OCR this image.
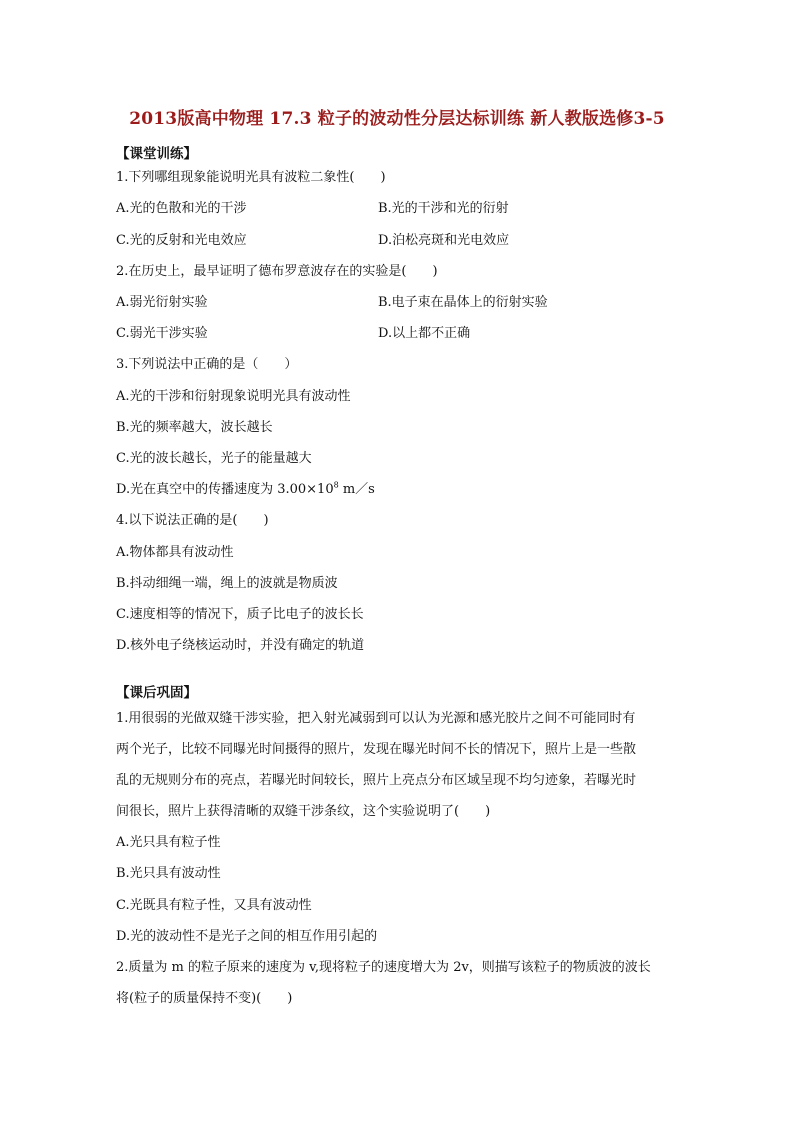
2013版高中物理 17.3 粒子的波动性分层达标训练 新人教版选修3-5
【课堂训练】
1.下列哪组现象能说明光具有波粒二象性(　　)
A.光的色散和光的干涉	B.光的干涉和光的衍射
C.光的反射和光电效应	D.泊松亮斑和光电效应
2.在历史上，最早证明了德布罗意波存在的实验是(　　)
A.弱光衍射实验	B.电子束在晶体上的衍射实验
C.弱光干涉实验	D.以上都不正确
3.下列说法中正确的是（　　）
A.光的干涉和衍射现象说明光具有波动性
B.光的频率越大，波长越长
C.光的波长越长，光子的能量越大
D.光在真空中的传播速度为 $3.00\times 10^8$ m／s
4.以下说法正确的是(　　)
A.物体都具有波动性
B.抖动细绳一端，绳上的波就是物质波
C.速度相等的情况下，质子比电子的波长长
D.核外电子绕核运动时，并没有确定的轨道
【课后巩固】
1.用很弱的光做双缝干涉实验，把入射光减弱到可以认为光源和感光胶片之间不可能同时有
两个光子，比较不同曝光时间摄得的照片，发现在曝光时间不长的情况下，照片上是一些散
乱的无规则分布的亮点，若曝光时间较长，照片上亮点分布区域呈现不均匀迹象，若曝光时
间很长，照片上获得清晰的双缝干涉条纹，这个实验说明了(　　)
A.光只具有粒子性
B.光只具有波动性
C.光既具有粒子性，又具有波动性
D.光的波动性不是光子之间的相互作用引起的
2.质量为 m 的粒子原来的速度为 v,现将粒子的速度增大为 2v，则描写该粒子的物质波的波长
将(粒子的质量保持不变)(　　)
